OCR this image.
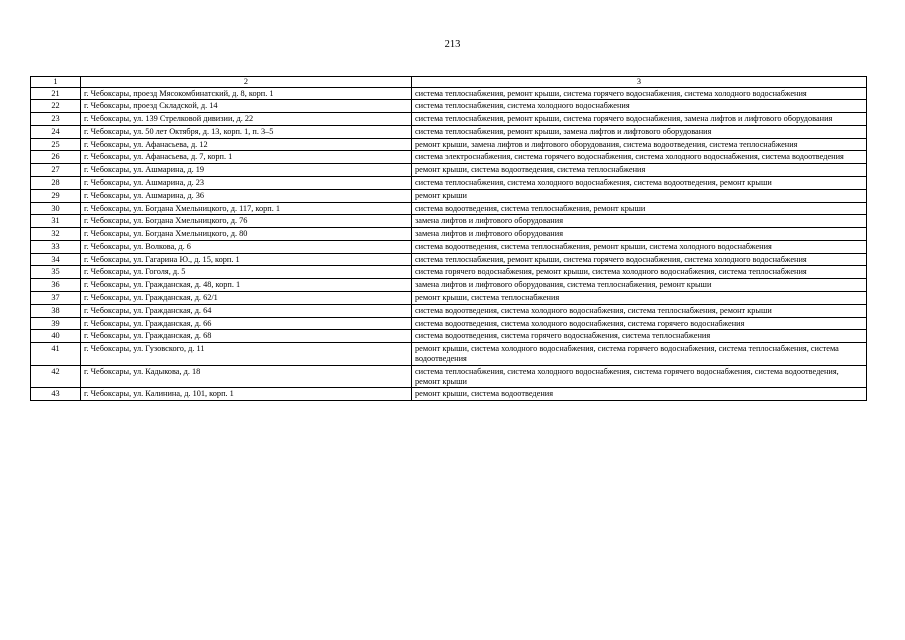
213
1	2	3
21	г. Чебоксары, проезд Мясокомбинатский, д. 8, корп. 1	система теплоснабжения, ремонт крыши, система горячего водоснабжения, система холодного водоснабжения
22	г. Чебоксары, проезд Складской, д. 14	система теплоснабжения, система холодного водоснабжения
23	г. Чебоксары, ул. 139 Стрелковой дивизии, д. 22	система теплоснабжения, ремонт крыши, система горячего водоснабжения, замена лифтов и лифтового оборудования
24	г. Чебоксары, ул. 50 лет Октября, д. 13, корп. 1, п. 3–5	система теплоснабжения, ремонт крыши, замена лифтов и лифтового оборудования
25	г. Чебоксары, ул. Афанасьева, д. 12	ремонт крыши, замена лифтов и лифтового оборудования, система водоотведения, система теплоснабжения
26	г. Чебоксары, ул. Афанасьева, д. 7, корп. 1	система электроснабжения, система горячего водоснабжения, система холодного водоснабжения, система водоотведения
27	г. Чебоксары, ул. Ашмарина, д. 19	ремонт крыши, система водоотведения, система теплоснабжения
28	г. Чебоксары, ул. Ашмарина, д. 23	система теплоснабжения, система холодного водоснабжения, система водоотведения, ремонт крыши
29	г. Чебоксары, ул. Ашмарина, д. 36	ремонт крыши
30	г. Чебоксары, ул. Богдана Хмельницкого, д. 117, корп. 1	система водоотведения, система теплоснабжения, ремонт крыши
31	г. Чебоксары, ул. Богдана Хмельницкого, д. 76	замена лифтов и лифтового оборудования
32	г. Чебоксары, ул. Богдана Хмельницкого, д. 80	замена лифтов и лифтового оборудования
33	г. Чебоксары, ул. Волкова, д. 6	система водоотведения, система теплоснабжения, ремонт крыши, система холодного водоснабжения
34	г. Чебоксары, ул. Гагарина Ю., д. 15, корп. 1	система теплоснабжения, ремонт крыши, система горячего водоснабжения, система холодного водоснабжения
35	г. Чебоксары, ул. Гоголя, д. 5	система горячего водоснабжения, ремонт крыши, система холодного водоснабжения, система теплоснабжения
36	г. Чебоксары, ул. Гражданская, д. 48, корп. 1	замена лифтов и лифтового оборудования, система теплоснабжения, ремонт крыши
37	г. Чебоксары, ул. Гражданская, д. 62/1	ремонт крыши, система теплоснабжения
38	г. Чебоксары, ул. Гражданская, д. 64	система водоотведения, система холодного водоснабжения, система теплоснабжения, ремонт крыши
39	г. Чебоксары, ул. Гражданская, д. 66	система водоотведения, система холодного водоснабжения, система горячего водоснабжения
40	г. Чебоксары, ул. Гражданская, д. 68	система водоотведения, система горячего водоснабжения, система теплоснабжения
41	г. Чебоксары, ул. Гузовского, д. 11	ремонт крыши, система холодного водоснабжения, система горячего водоснабжения, система теплоснабжения, система водоотведения
42	г. Чебоксары, ул. Кадыкова, д. 18	система теплоснабжения, система холодного водоснабжения, система горячего водоснабжения, система водоотведения, ремонт крыши
43	г. Чебоксары, ул. Калинина, д. 101, корп. 1	ремонт крыши, система водоотведения
